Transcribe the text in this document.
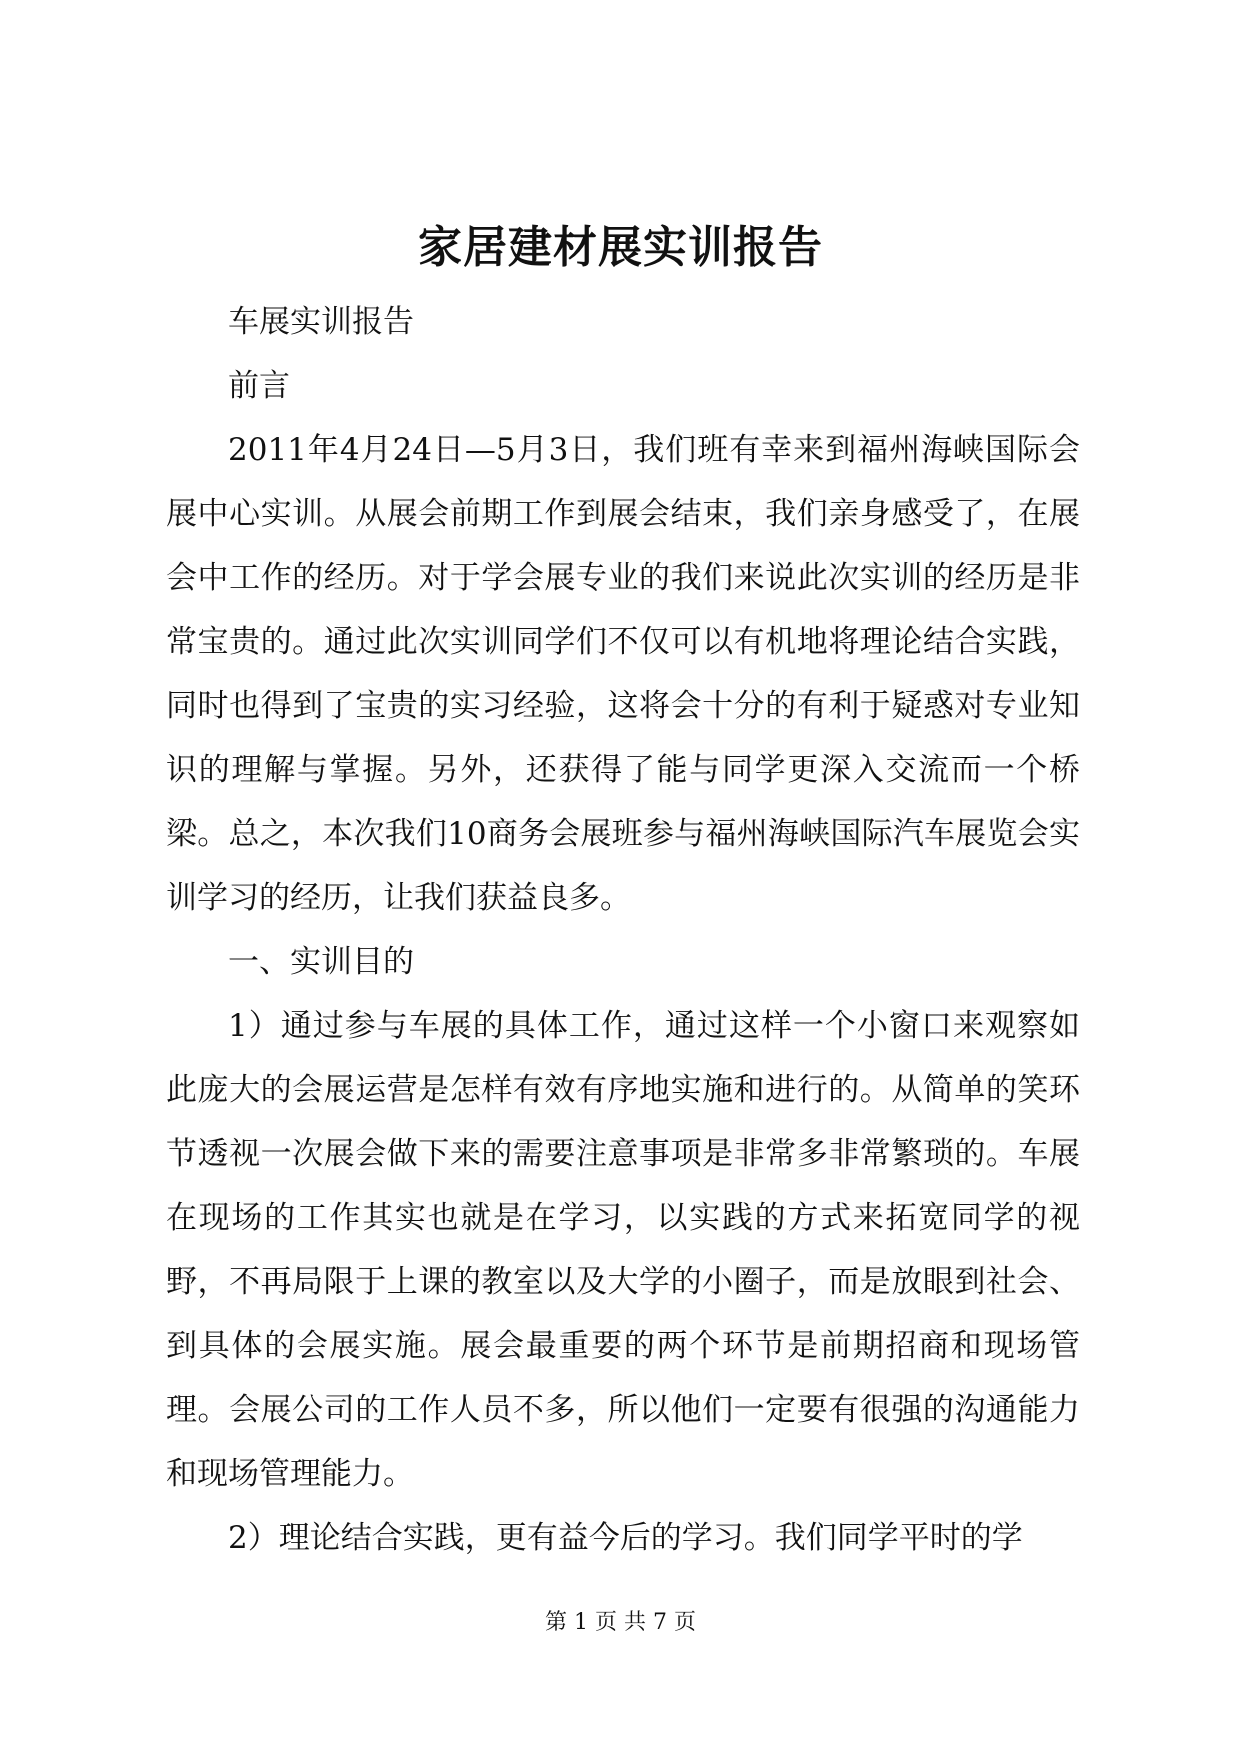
家居建材展实训报告

车展实训报告

前言

2011年4月24日—5月3日，我们班有幸来到福州海峡国际会展中心实训。从展会前期工作到展会结束，我们亲身感受了，在展会中工作的经历。对于学会展专业的我们来说此次实训的经历是非常宝贵的。通过此次实训同学们不仅可以有机地将理论结合实践，同时也得到了宝贵的实习经验，这将会十分的有利于疑惑对专业知识的理解与掌握。另外，还获得了能与同学更深入交流而一个桥梁。总之，本次我们10商务会展班参与福州海峡国际汽车展览会实训学习的经历，让我们获益良多。

一、实训目的

1）通过参与车展的具体工作，通过这样一个小窗口来观察如此庞大的会展运营是怎样有效有序地实施和进行的。从简单的笑环节透视一次展会做下来的需要注意事项是非常多非常繁琐的。车展在现场的工作其实也就是在学习，以实践的方式来拓宽同学的视野，不再局限于上课的教室以及大学的小圈子，而是放眼到社会、到具体的会展实施。展会最重要的两个环节是前期招商和现场管理。会展公司的工作人员不多，所以他们一定要有很强的沟通能力和现场管理能力。

2）理论结合实践，更有益今后的学习。我们同学平时的学

第 1 页 共 7 页
